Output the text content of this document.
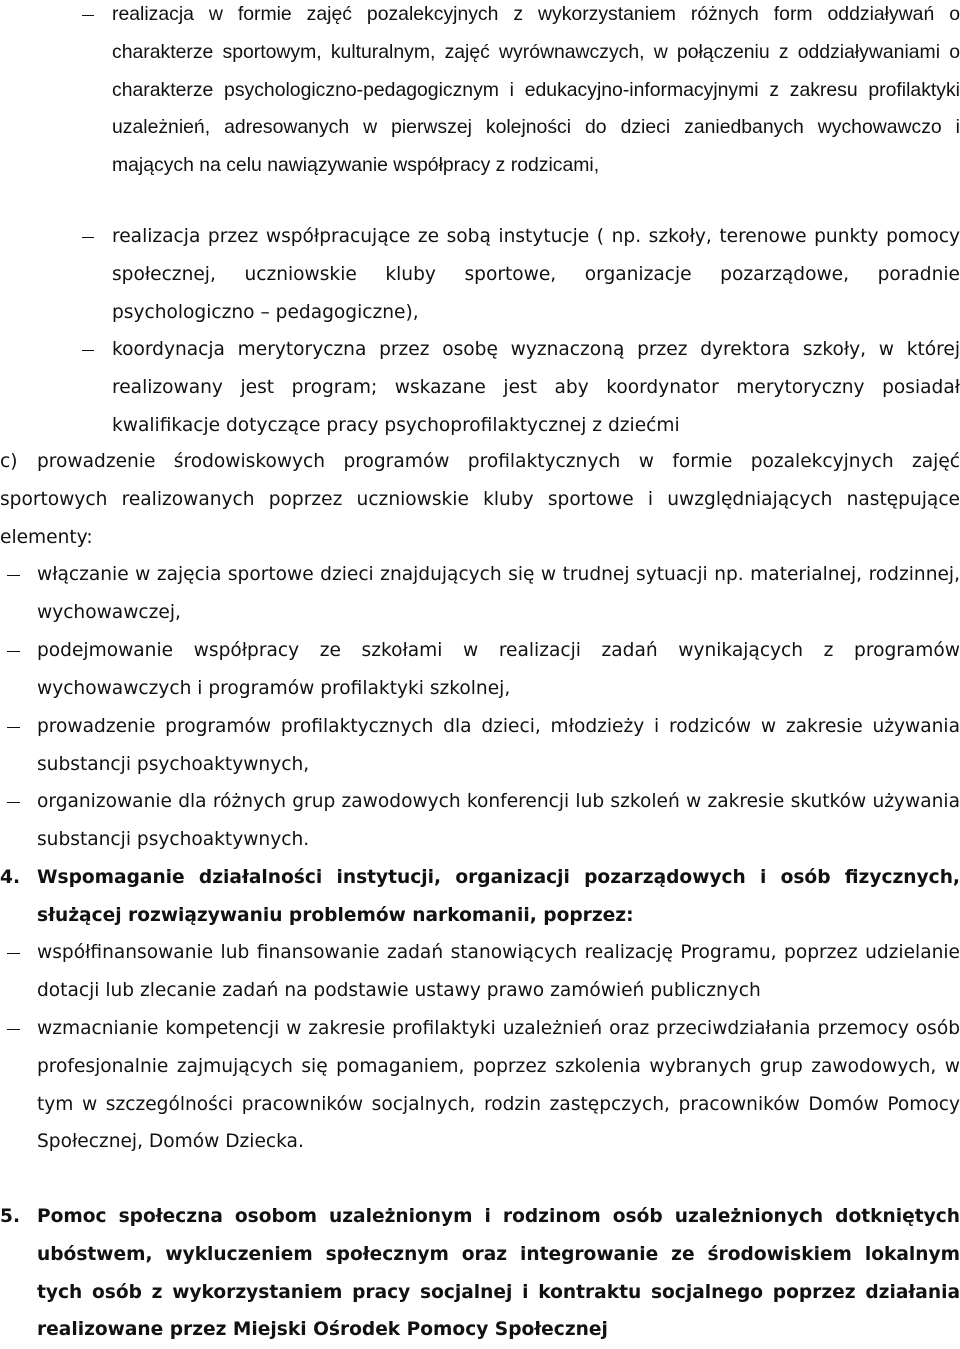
realizacja w formie zajęć pozalekcyjnych z wykorzystaniem różnych form oddziaływań o charakterze sportowym, kulturalnym, zajęć wyrównawczych, w połączeniu z oddziaływaniami o charakterze psychologiczno-pedagogicznym i edukacyjno-informacyjnymi z zakresu profilaktyki uzależnień, adresowanych w pierwszej kolejności do dzieci zaniedbanych wychowawczo i mających na celu nawiązywanie współpracy z rodzicami,

realizacja przez współpracujące ze sobą instytucje ( np. szkoły, terenowe punkty pomocy społecznej, uczniowskie kluby sportowe, organizacje pozarządowe, poradnie psychologiczno – pedagogiczne),

koordynacja merytoryczna przez osobę wyznaczoną przez dyrektora szkoły, w której realizowany jest program; wskazane jest aby koordynator merytoryczny posiadał kwalifikacje dotyczące pracy psychoprofilaktycznej z dziećmi

c) prowadzenie środowiskowych programów profilaktycznych w formie pozalekcyjnych zajęć sportowych realizowanych poprzez uczniowskie kluby sportowe i uwzględniających następujące elementy:

włączanie w zajęcia sportowe dzieci znajdujących się w trudnej sytuacji np. materialnej, rodzinnej, wychowawczej,

podejmowanie współpracy ze szkołami w realizacji zadań wynikających z programów wychowawczych i programów profilaktyki szkolnej,

prowadzenie programów profilaktycznych dla dzieci, młodzieży i rodziców w zakresie używania substancji psychoaktywnych,

organizowanie dla różnych grup zawodowych konferencji lub szkoleń w zakresie skutków używania substancji psychoaktywnych.

4. Wspomaganie działalności instytucji, organizacji pozarządowych i osób fizycznych, służącej rozwiązywaniu problemów narkomanii, poprzez:

współfinansowanie lub finansowanie zadań stanowiących realizację Programu, poprzez udzielanie dotacji lub zlecanie zadań na podstawie ustawy prawo zamówień publicznych

wzmacnianie kompetencji w zakresie profilaktyki uzależnień oraz przeciwdziałania przemocy osób profesjonalnie zajmujących się pomaganiem, poprzez szkolenia wybranych grup zawodowych, w tym w szczególności pracowników socjalnych, rodzin zastępczych, pracowników Domów Pomocy Społecznej, Domów Dziecka.

5. Pomoc społeczna osobom uzależnionym i rodzinom osób uzależnionych dotkniętych ubóstwem, wykluczeniem społecznym oraz integrowanie ze środowiskiem lokalnym tych osób z wykorzystaniem pracy socjalnej i kontraktu socjalnego poprzez działania realizowane przez Miejski Ośrodek Pomocy Społecznej
